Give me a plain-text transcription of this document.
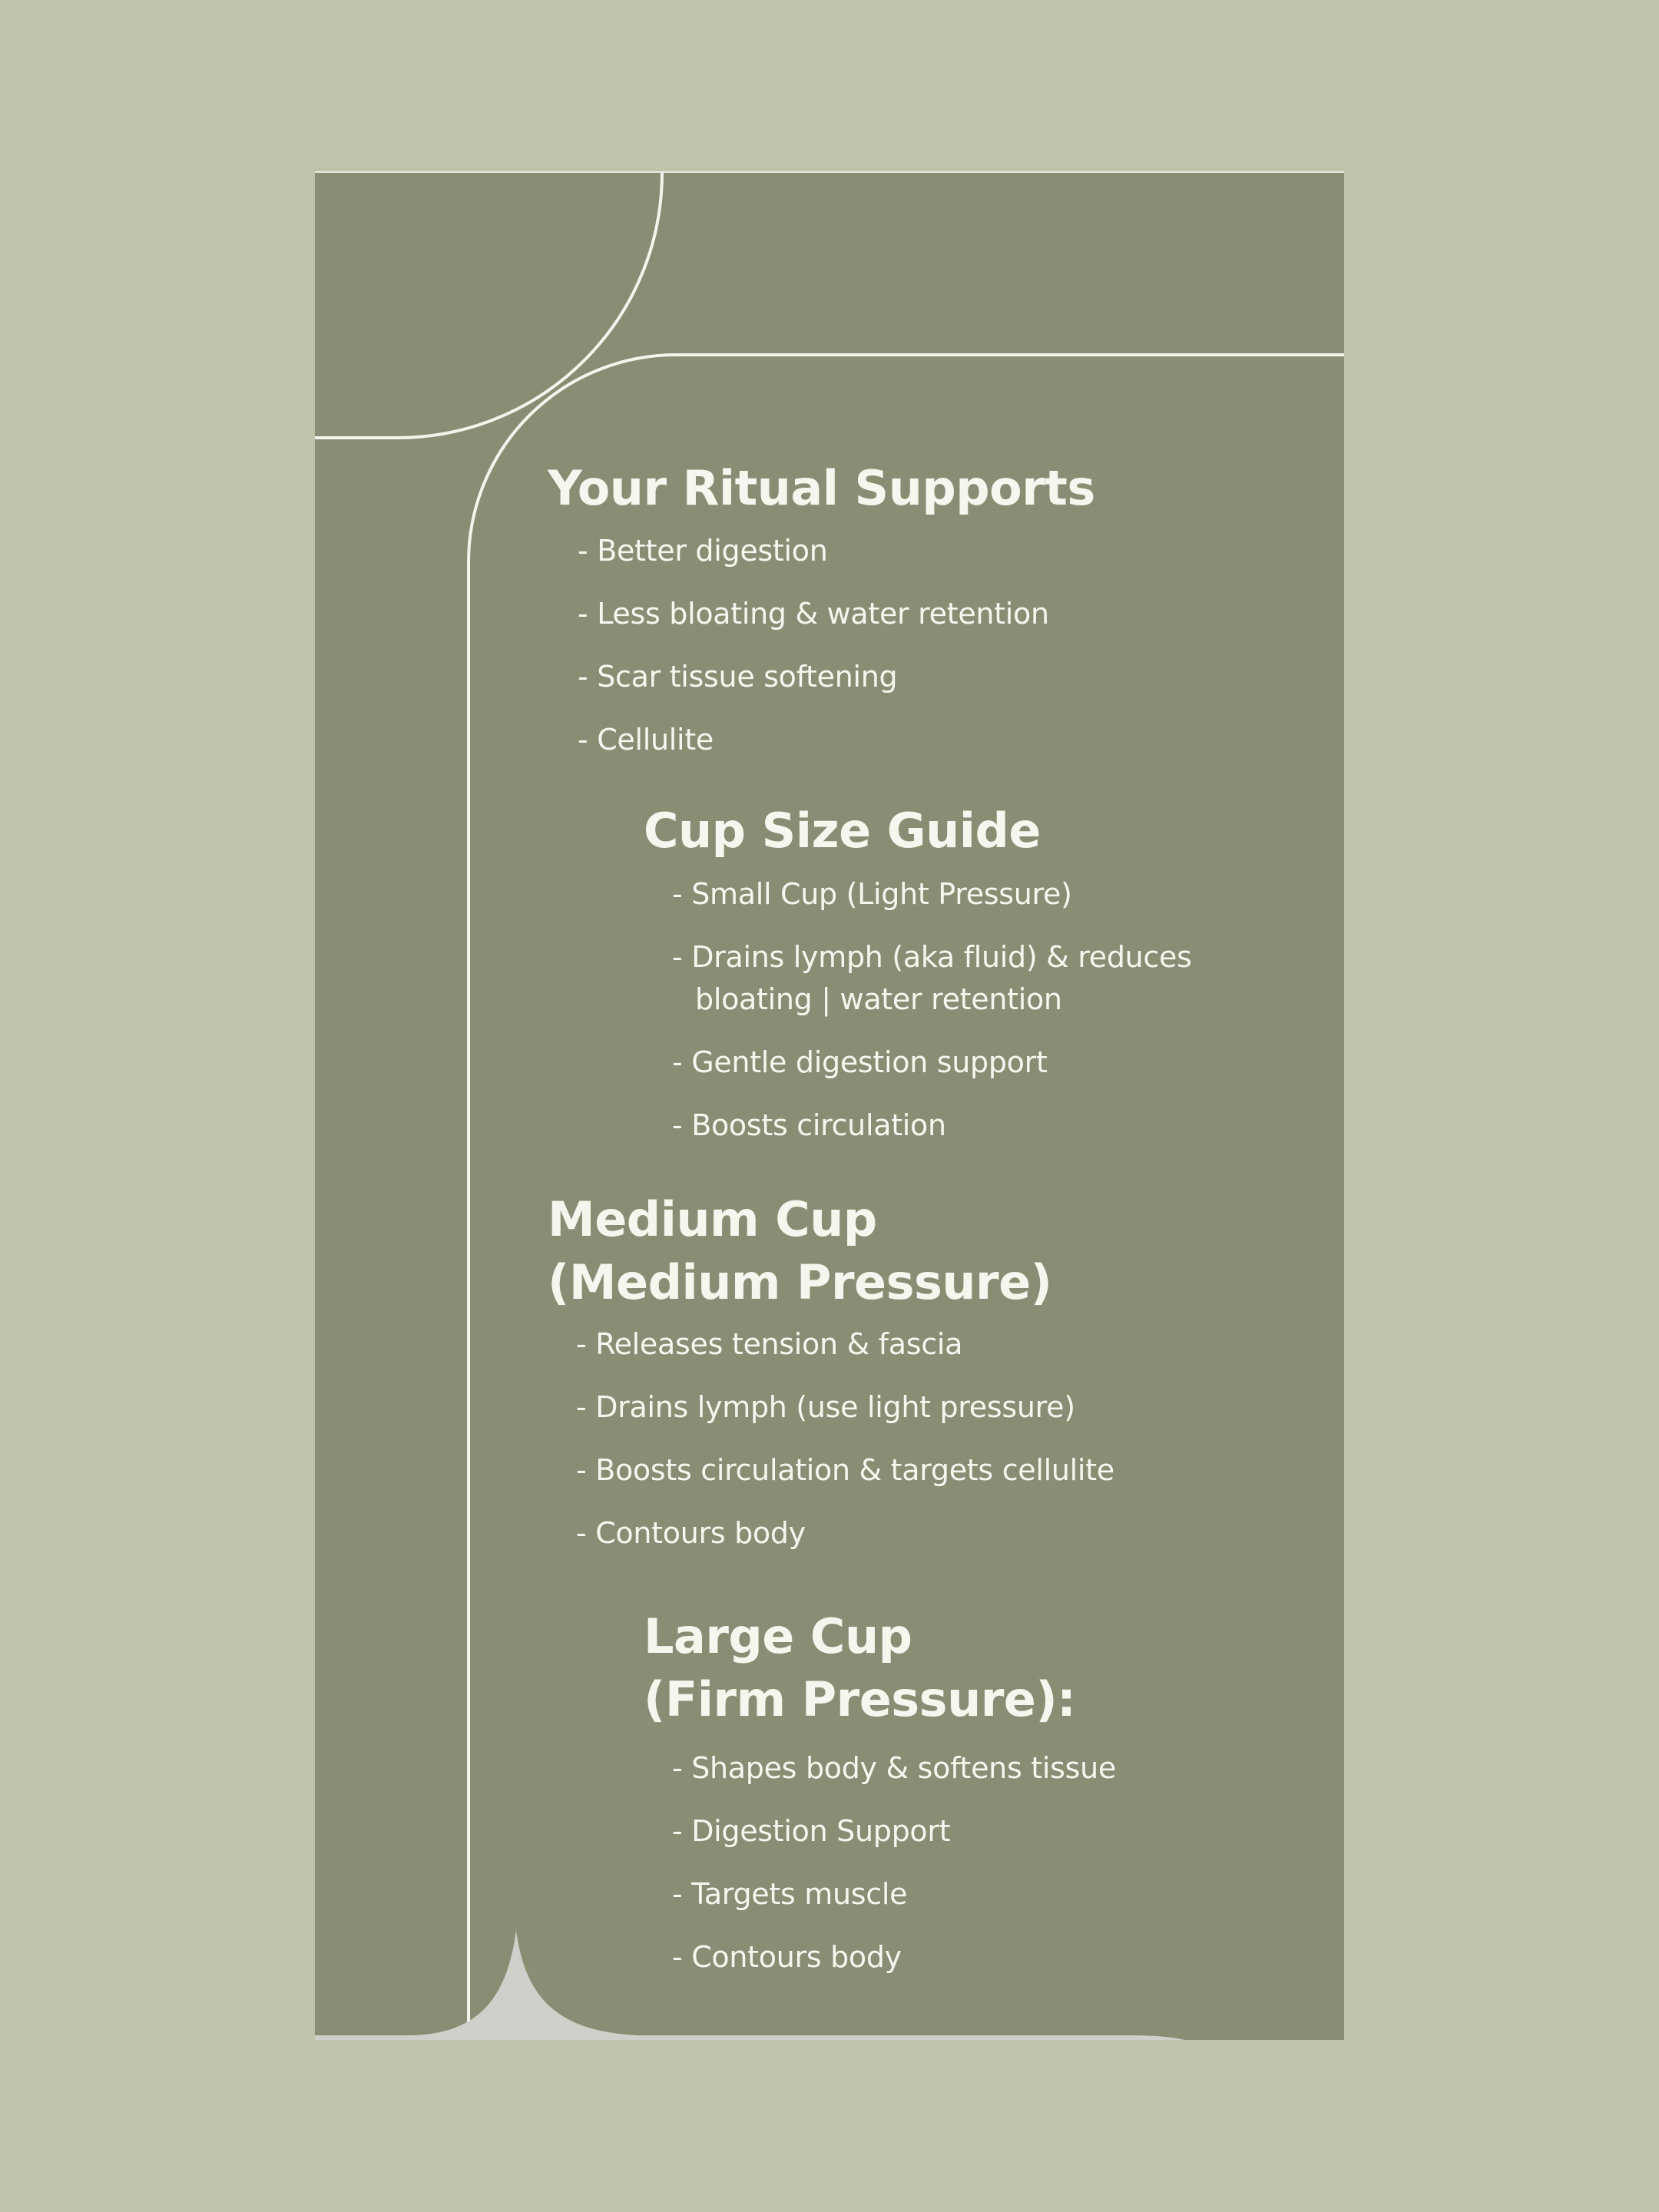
Your Ritual Supports
- Better digestion
- Less bloating & water retention
- Scar tissue softening
- Cellulite
Cup Size Guide
- Small Cup (Light Pressure)
- Drains lymph (aka fluid) & reduces
bloating | water retention
- Gentle digestion support
- Boosts circulation
Medium Cup
(Medium Pressure)
- Releases tension & fascia
- Drains lymph (use light pressure)
- Boosts circulation & targets cellulite
- Contours body
Large Cup
(Firm Pressure):
- Shapes body & softens tissue
- Digestion Support
- Targets muscle
- Contours body
